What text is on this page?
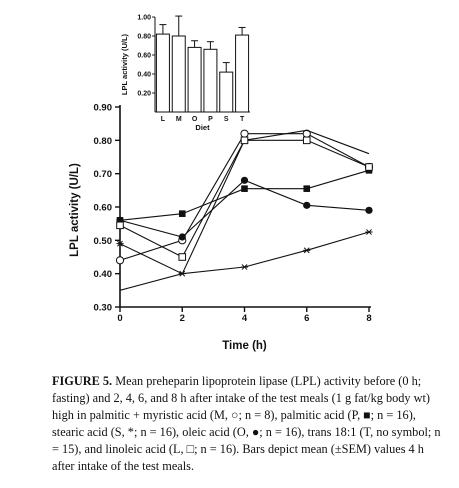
0.30
0.40
0.50
0.60
0.70
0.80
0.90
0	2	4	6	8
Time (h)
LPL activity (U/L)
0.20
0.40
0.60
0.80
1.00
L M O P S T
Diet
LPL activity (U/L)

FIGURE 5. Mean preheparin lipoprotein lipase (LPL) activity before (0 h; fasting) and 2, 4, 6, and 8 h after intake of the test meals (1 g fat/kg body wt) high in palmitic + myristic acid (M, ○; n = 8), palmitic acid (P, ■; n = 16), stearic acid (S, *; n = 16), oleic acid (O, ●; n = 16), trans 18:1 (T, no symbol; n = 15), and linoleic acid (L, □; n = 16). Bars depict mean (±SEM) values 4 h after intake of the test meals.
